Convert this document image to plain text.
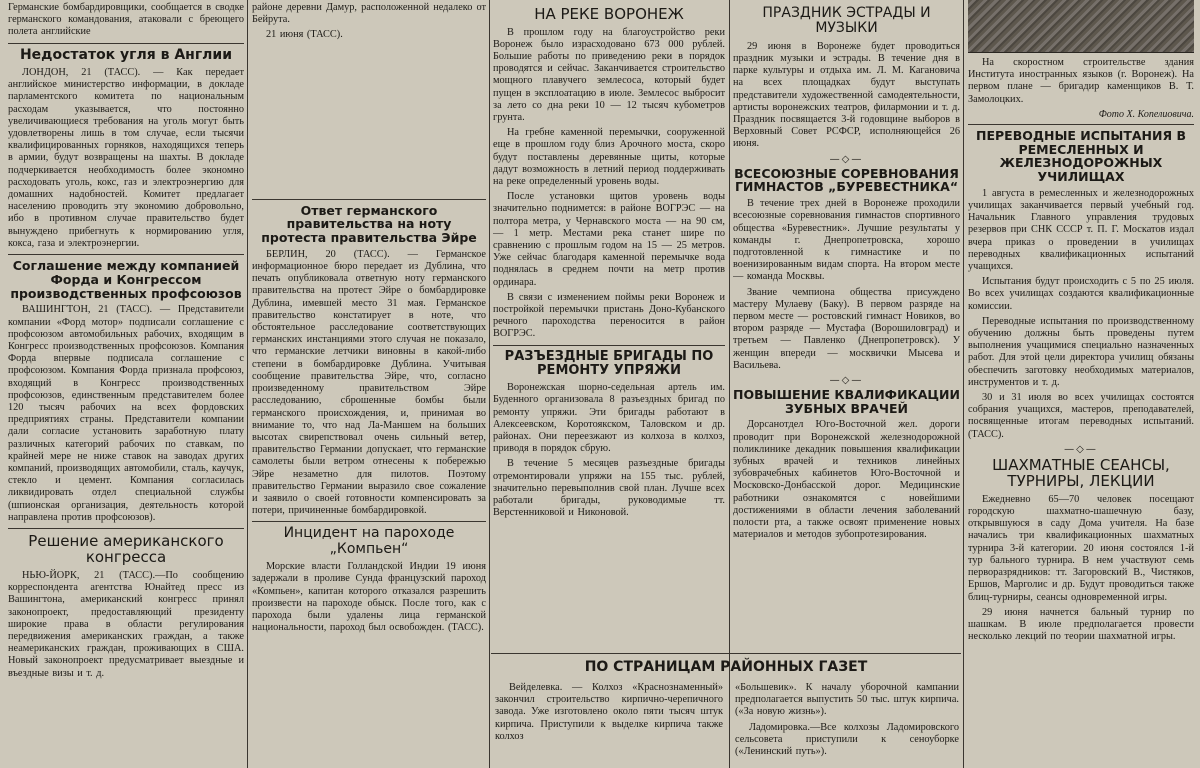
Германские бомбардировщики, сообщается в сводке германского командования, атаковали с бреющего полета английские

Недостаток угля в Англии

ЛОНДОН, 21 (ТАСС). — Как передает английское министерство информации, в докладе парламентского комитета по национальным расходам указывается, что постоянно увеличивающиеся требования на уголь могут быть удовлетворены лишь в том случае, если тысячи квалифицированных горняков, находящихся теперь в армии, будут возвращены на шахты. В докладе подчеркивается необходимость более экономно расходовать уголь, кокс, газ и электроэнергию для домашних надобностей. Комитет предлагает населению проводить эту экономию добровольно, ибо в противном случае правительство будет вынуждено прибегнуть к нормированию угля, кокса, газа и электроэнергии.

Соглашение между компанией Форда и Конгрессом производственных профсоюзов

ВАШИНГТОН, 21 (ТАСС). — Представители компании «Форд мотор» подписали соглашение с профсоюзом автомобильных рабочих, входящим в Конгресс производственных профсоюзов. Компания Форда впервые подписала соглашение с профсоюзом. Компания Форда признала профсоюз, входящий в Конгресс производственных профсоюзов, единственным представителем более 120 тысяч рабочих на всех фордовских предприятиях страны. Представители компании дали согласие установить заработную плату различных категорий рабочих по ставкам, по крайней мере не ниже ставок на заводах других компаний, производящих автомобили, сталь, каучук, стекло и цемент. Компания согласилась ликвидировать отдел специальной службы (шпионская организация, деятельность которой направлена против профсоюзов).

Решение американского конгресса

НЬЮ-ЙОРК, 21 (ТАСС).—По сообщению корреспондента агентства Юнайтед пресс из Вашингтона, американский конгресс принял законопроект, предоставляющий президенту широкие права в области регулирования передвижения американских граждан, а также неамериканских граждан, проживающих в США. Новый законопроект предусматривает выездные и въездные визы и т. д.

районе деревни Дамур, расположенной недалеко от Бейрута.

21 июня (ТАСС).

Ответ германского правительства на ноту протеста правительства Эйре

БЕРЛИН, 20 (ТАСС). — Германское информационное бюро передает из Дублина, что печать опубликовала ответную ноту германского правительства на протест Эйре о бомбардировке Дублина, имевшей место 31 мая. Германское правительство констатирует в ноте, что обстоятельное расследование соответствующих германских инстанциями этого случая не показало, что германские летчики виновны в какой-либо степени в бомбардировке Дублина. Учитывая сообщение правительства Эйре, что, согласно произведенному правительством Эйре расследованию, сброшенные бомбы были германского происхождения, и, принимая во внимание то, что над Ла-Маншем на больших высотах свирепствовал очень сильный ветер, правительство Германии допускает, что германские самолеты были ветром отнесены к побережью Эйре незаметно для пилотов. Поэтому правительство Германии выразило свое сожаление и заявило о своей готовности компенсировать за потери, причиненные бомбардировкой.

Инцидент на пароходе „Компьен“

Морские власти Голландской Индии 19 июня задержали в проливе Сунда французский пароход «Компьен», капитан которого отказался разрешить произвести на пароходе обыск. После того, как с парохода были удалены лица германской национальности, пароход был освобожден. (ТАСС).

НА РЕКЕ ВОРОНЕЖ

В прошлом году на благоустройство реки Воронеж было израсходовано 673 000 рублей. Большие работы по приведению реки в порядок проводятся и сейчас. Заканчивается строительство мощного плавучего землесоса, который будет пущен в эксплоатацию в июле. Землесос выбросит за лето со дна реки 10 — 12 тысяч кубометров грунта.

На гребне каменной перемычки, сооруженной еще в прошлом году близ Арочного моста, скоро будут поставлены деревянные щиты, которые дадут возможность в летний период поддерживать на реке определенный уровень воды.

После установки щитов уровень воды значительно поднимется: в районе ВОГРЭС — на полтора метра, у Чернавского моста — на 90 см, — 1 метр. Местами река станет шире по сравнению с прошлым годом на 15 — 25 метров. Уже сейчас благодаря каменной перемычке вода поднялась в среднем почти на метр против ординара.

В связи с изменением поймы реки Воронеж и постройкой перемычки пристань Доно-Кубанского речного пароходства переносится в район ВОГРЭС.

РАЗЪЕЗДНЫЕ БРИГАДЫ ПО РЕМОНТУ УПРЯЖИ

Воронежская шорно-седельная артель им. Буденного организовала 8 разъездных бригад по ремонту упряжи. Эти бригады работают в Алексеевском, Коротоякском, Таловском и др. районах. Они переезжают из колхоза в колхоз, приводя в порядок сбрую.

В течение 5 месяцев разъездные бригады отремонтировали упряжи на 155 тыс. рублей, значительно перевыполнив свой план. Лучше всех работали бригады, руководимые тт. Верстенниковой и Никоновой.

ПРАЗДНИК ЭСТРАДЫ И МУЗЫКИ

29 июня в Воронеже будет проводиться праздник музыки и эстрады. В течение дня в парке культуры и отдыха им. Л. М. Кагановича на всех площадках будут выступать представители художественной самодеятельности, артисты воронежских театров, филармонии и т. д. Праздник посвящается 3-й годовщине выборов в Верховный Совет РСФСР, исполняющейся 26 июня.

—◇—
ВСЕСОЮЗНЫЕ СОРЕВНОВАНИЯ ГИМНАСТОВ „БУРЕВЕСТНИКА“

В течение трех дней в Воронеже проходили всесоюзные соревнования гимнастов спортивного общества «Буревестник». Лучшие результаты у команды г. Днепропетровска, хорошо подготовленной к гимнастике и по военизированным видам спорта. На втором месте — команда Москвы.

Звание чемпиона общества присуждено мастеру Мулаеву (Баку). В первом разряде на первом месте — ростовский гимнаст Новиков, во втором разряде — Мустафа (Ворошиловград) и третьем — Павленко (Днепропетровск). У женщин впереди — москвички Мысева и Васильева.

—◇—
ПОВЫШЕНИЕ КВАЛИФИКАЦИИ ЗУБНЫХ ВРАЧЕЙ

Дорсанотдел Юго-Восточной жел. дороги проводит при Воронежской железнодорожной поликлинике декадник повышения квалификации зубных врачей и техников линейных зубоврачебных кабинетов Юго-Восточной и Московско-Донбасской дорог. Медицинские работники ознакомятся с новейшими достижениями в области лечения заболеваний полости рта, а также освоят применение новых материалов и методов зубопротезирования.

ПО СТРАНИЦАМ РАЙОННЫХ ГАЗЕТ

Вейделевка. — Колхоз «Краснознаменный» закончил строительство кирпично-черепичного завода. Уже изготовлено около пяти тысяч штук кирпича. Приступили к выделке кирпича также колхоз

«Большевик». К началу уборочной кампании предполагается выпустить 50 тыс. штук кирпича. («За новую жизнь»).

Ладомировка.—Все колхозы Ладомировского сельсовета приступили к сеноуборке («Ленинский путь»).

На скоростном строительстве здания Института иностранных языков (г. Воронеж). На первом плане — бригадир каменщиков В. Т. Замолоцких.

Фото Х. Копелиовича.
ПЕРЕВОДНЫЕ ИСПЫТАНИЯ В РЕМЕСЛЕННЫХ И ЖЕЛЕЗНОДОРОЖНЫХ УЧИЛИЩАХ

1 августа в ремесленных и железнодорожных училищах заканчивается первый учебный год. Начальник Главного управления трудовых резервов при СНК СССР т. П. Г. Москатов издал вчера приказ о проведении в училищах переводных квалификационных испытаний учащихся.

Испытания будут происходить с 5 по 25 июля. Во всех училищах создаются квалификационные комиссии.

Переводные испытания по производственному обучению должны быть проведены путем выполнения учащимися специально назначенных работ. Для этой цели директора училищ обязаны обеспечить заготовку необходимых материалов, инструментов и т. д.

30 и 31 июля во всех училищах состоятся собрания учащихся, мастеров, преподавателей, посвященные итогам переводных испытаний. (ТАСС).

—◇—
ШАХМАТНЫЕ СЕАНСЫ, ТУРНИРЫ, ЛЕКЦИИ

Ежедневно 65—70 человек посещают городскую шахматно-шашечную базу, открывшуюся в саду Дома учителя. На базе начались три квалификационных шахматных турнира 3-й категории. 20 июня состоялся 1-й тур бального турнира. В нем участвуют семь перворазрядников: тт. Загоровский В., Чистяков, Ершов, Марголис и др. Будут проводиться также блиц-турниры, сеансы одновременной игры.

29 июня начнется бальный турнир по шашкам. В июле предполагается провести несколько лекций по теории шахматной игры.
